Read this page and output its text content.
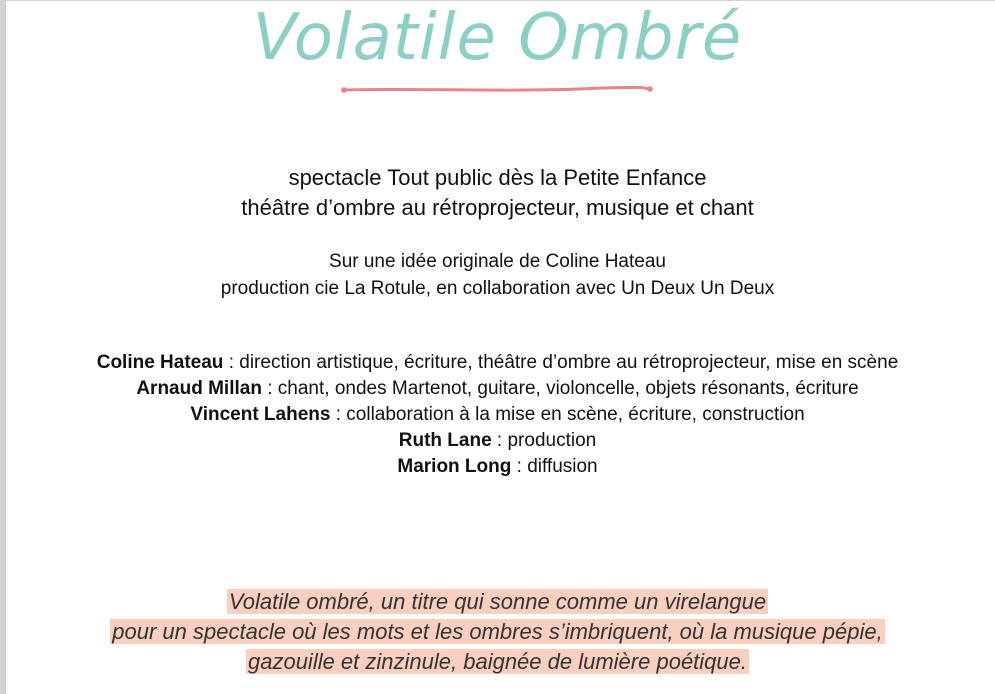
Volatile Ombré
spectacle Tout public dès la Petite Enfance
théâtre d’ombre au rétroprojecteur, musique et chant
Sur une idée originale de Coline Hateau
production cie La Rotule, en collaboration avec Un Deux Un Deux
Coline Hateau : direction artistique, écriture, théâtre d’ombre au rétroprojecteur, mise en scène
Arnaud Millan : chant, ondes Martenot, guitare, violoncelle, objets résonants, écriture
Vincent Lahens : collaboration à la mise en scène, écriture, construction
Ruth Lane : production
Marion Long : diffusion
Volatile ombré, un titre qui sonne comme un virelangue
pour un spectacle où les mots et les ombres s’imbriquent, où la musique pépie,
gazouille et zinzinule, baignée de lumière poétique.
